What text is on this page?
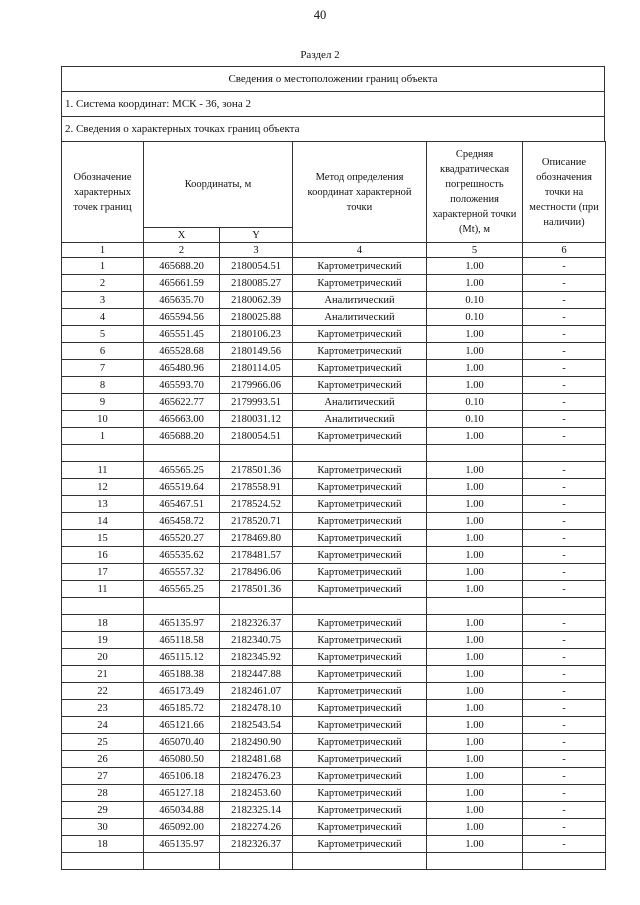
40
Раздел 2
Сведения о местоположении границ объекта
1. Система координат: МСК - 36, зона 2
2. Сведения о характерных точках границ объекта
Обозначение характерных точек границ	Координаты, м		Метод определения координат характерной точки	Средняя квадратическая погрешность положения характерной точки (Mt), м	Описание обозначения точки на местности (при наличии)
	X	Y			
1	2	3	4	5	6
1	465688.20	2180054.51	Картометрический	1.00	-
2	465661.59	2180085.27	Картометрический	1.00	-
3	465635.70	2180062.39	Аналитический	0.10	-
4	465594.56	2180025.88	Аналитический	0.10	-
5	465551.45	2180106.23	Картометрический	1.00	-
6	465528.68	2180149.56	Картометрический	1.00	-
7	465480.96	2180114.05	Картометрический	1.00	-
8	465593.70	2179966.06	Картометрический	1.00	-
9	465622.77	2179993.51	Аналитический	0.10	-
10	465663.00	2180031.12	Аналитический	0.10	-
1	465688.20	2180054.51	Картометрический	1.00	-

11	465565.25	2178501.36	Картометрический	1.00	-
12	465519.64	2178558.91	Картометрический	1.00	-
13	465467.51	2178524.52	Картометрический	1.00	-
14	465458.72	2178520.71	Картометрический	1.00	-
15	465520.27	2178469.80	Картометрический	1.00	-
16	465535.62	2178481.57	Картометрический	1.00	-
17	465557.32	2178496.06	Картометрический	1.00	-
11	465565.25	2178501.36	Картометрический	1.00	-

18	465135.97	2182326.37	Картометрический	1.00	-
19	465118.58	2182340.75	Картометрический	1.00	-
20	465115.12	2182345.92	Картометрический	1.00	-
21	465188.38	2182447.88	Картометрический	1.00	-
22	465173.49	2182461.07	Картометрический	1.00	-
23	465185.72	2182478.10	Картометрический	1.00	-
24	465121.66	2182543.54	Картометрический	1.00	-
25	465070.40	2182490.90	Картометрический	1.00	-
26	465080.50	2182481.68	Картометрический	1.00	-
27	465106.18	2182476.23	Картометрический	1.00	-
28	465127.18	2182453.60	Картометрический	1.00	-
29	465034.88	2182325.14	Картометрический	1.00	-
30	465092.00	2182274.26	Картометрический	1.00	-
18	465135.97	2182326.37	Картометрический	1.00	-
